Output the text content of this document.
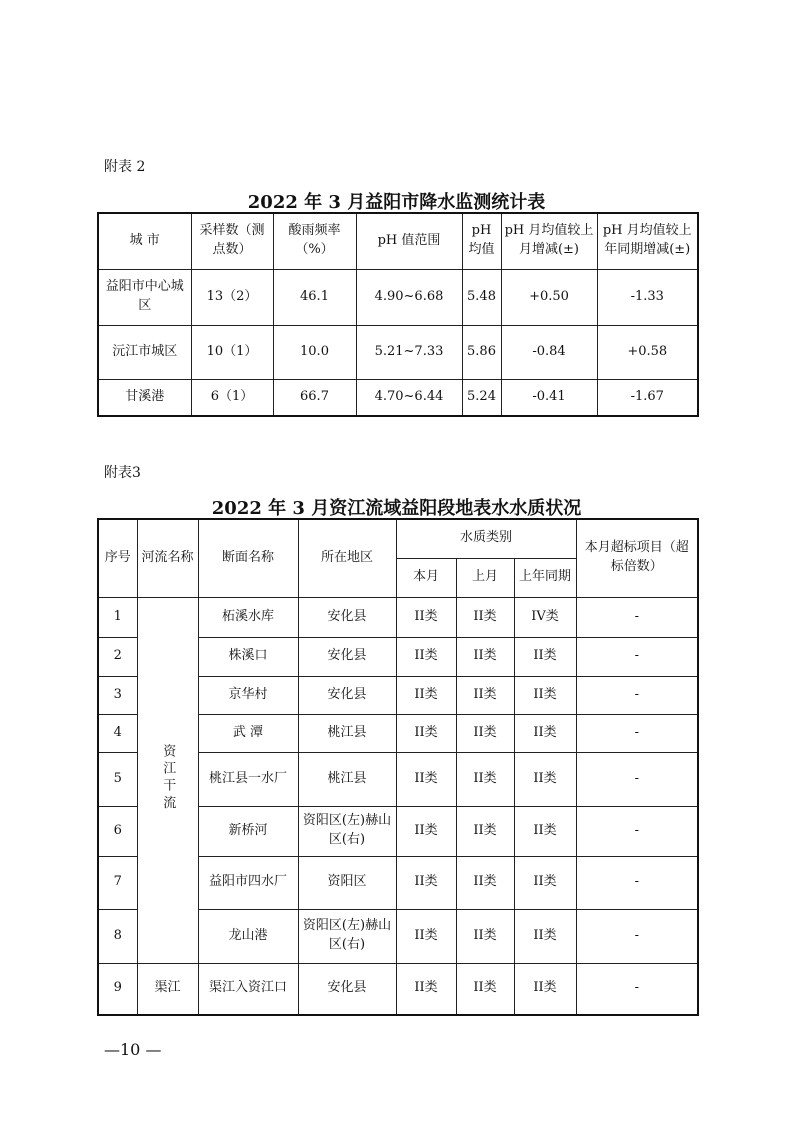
附表 2
2022 年 3 月益阳市降水监测统计表
城 市	采样数（测点数）	酸雨频率（%）	pH 值范围	pH 均值	pH 月均值较上月增减(±)	pH 月均值较上年同期增减(±)
益阳市中心城区	13（2）	46.1	4.90~6.68	5.48	+0.50	-1.33
沅江市城区	10（1）	10.0	5.21~7.33	5.86	-0.84	+0.58
甘溪港	6（1）	66.7	4.70~6.44	5.24	-0.41	-1.67
附表3
2022 年 3 月资江流域益阳段地表水水质状况
序号	河流名称	断面名称	所在地区	水质类别			本月超标项目（超标倍数）
				本月	上月	上年同期	
1	资 江 干 流	柘溪水库	安化县	II类	II类	IV类	-
2		株溪口	安化县	II类	II类	II类	-
3		京华村	安化县	II类	II类	II类	-
4		武 潭	桃江县	II类	II类	II类	-
5		桃江县一水厂	桃江县	II类	II类	II类	-
6		新桥河	资阳区(左)赫山区(右)	II类	II类	II类	-
7		益阳市四水厂	资阳区	II类	II类	II类	-
8		龙山港	资阳区(左)赫山区(右)	II类	II类	II类	-
9	渠江	渠江入资江口	安化县	II类	II类	II类	-
—10 —
